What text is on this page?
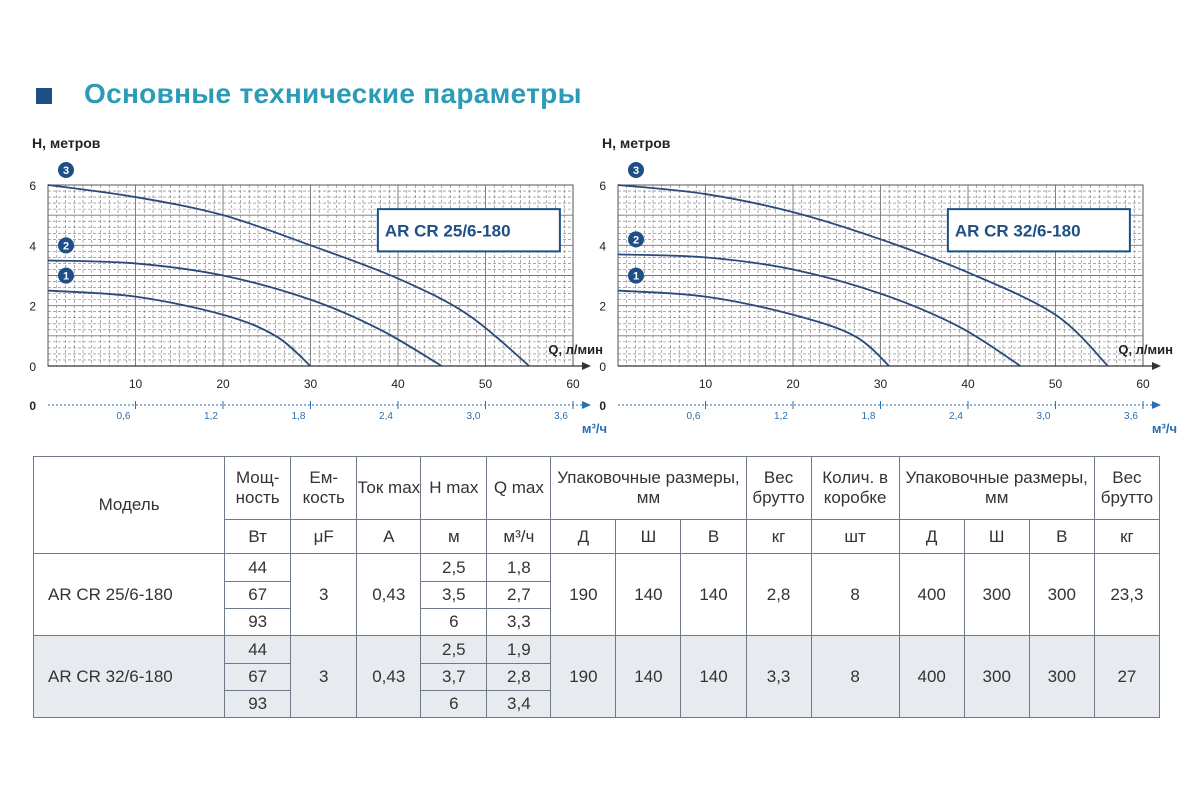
Основные технические параметры
0
2
4
6
10	20	30	40	50	60
0
0,6	1,2	1,8	2,4	3,0	3,6
м³/ч
H, метров
Q, л/мин
AR CR 25/6-180
1
2
3
0
2
4
6
10	20	30	40	50	60
0
0,6	1,2	1,8	2,4	3,0	3,6
м³/ч
H, метров
Q, л/мин
AR CR 32/6-180
1
2
3
Модель	Мощ-ность	Ем-кость	Ток max	H max	Q max	Упаковочные размеры, мм			Вес брутто	Колич. в коробке	Упаковочные размеры, мм			Вес брутто
	Вт	μF	A	м	м³/ч	Д	Ш	В	кг	шт	Д	Ш	В	кг
AR CR 25/6-180	44	3	0,43	2,5	1,8	190	140	140	2,8	8	400	300	300	23,3
	67			3,5	2,7									
	93			6	3,3									
AR CR 32/6-180	44	3	0,43	2,5	1,9	190	140	140	3,3	8	400	300	300	27
	67			3,7	2,8									
	93			6	3,4									
